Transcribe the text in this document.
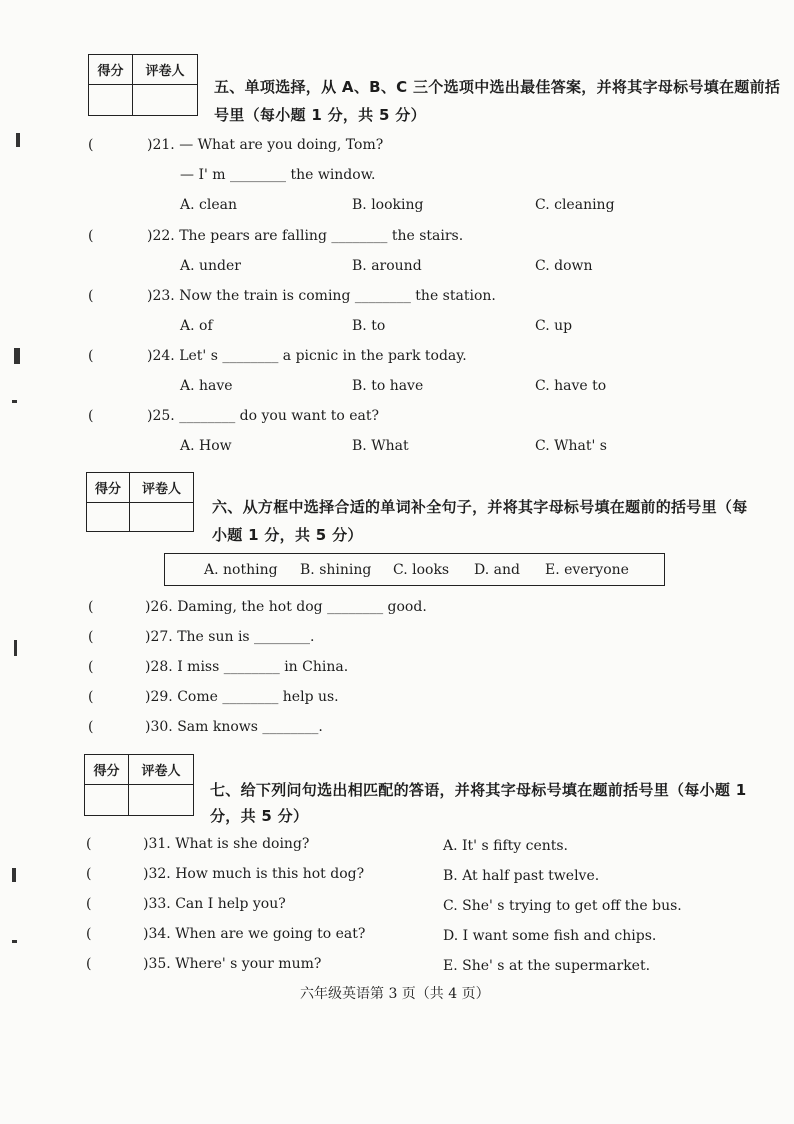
得分	评卷人

五、单项选择，从 A、B、C 三个选项中选出最佳答案，并将其字母标号填在题前括
号里（每小题 1 分，共 5 分）
(	)21. — What are you doing, Tom?
— I' m ________ the window.
A. clean	B. looking	C. cleaning
(	)22. The pears are falling ________ the stairs.
A. under	B. around	C. down
(	)23. Now the train is coming ________ the station.
A. of	B. to	C. up
(	)24. Let' s ________ a picnic in the park today.
A. have	B. to have	C. have to
(	)25. ________ do you want to eat?
A. How	B. What	C. What' s
得分	评卷人

六、从方框中选择合适的单词补全句子，并将其字母标号填在题前的括号里（每
小题 1 分，共 5 分）
A. nothing B. shining C. looks D. and E. everyone
(	)26. Daming, the hot dog ________ good.
(	)27. The sun is ________.
(	)28. I miss ________ in China.
(	)29. Come ________ help us.
(	)30. Sam knows ________.
得分	评卷人

七、给下列问句选出相匹配的答语，并将其字母标号填在题前括号里（每小题 1
分，共 5 分）
(	)31. What is she doing?	A. It' s fifty cents.
(	)32. How much is this hot dog?	B. At half past twelve.
(	)33. Can I help you?	C. She' s trying to get off the bus.
(	)34. When are we going to eat?	D. I want some fish and chips.
(	)35. Where' s your mum?	E. She' s at the supermarket.
六年级英语第 3 页（共 4 页）
